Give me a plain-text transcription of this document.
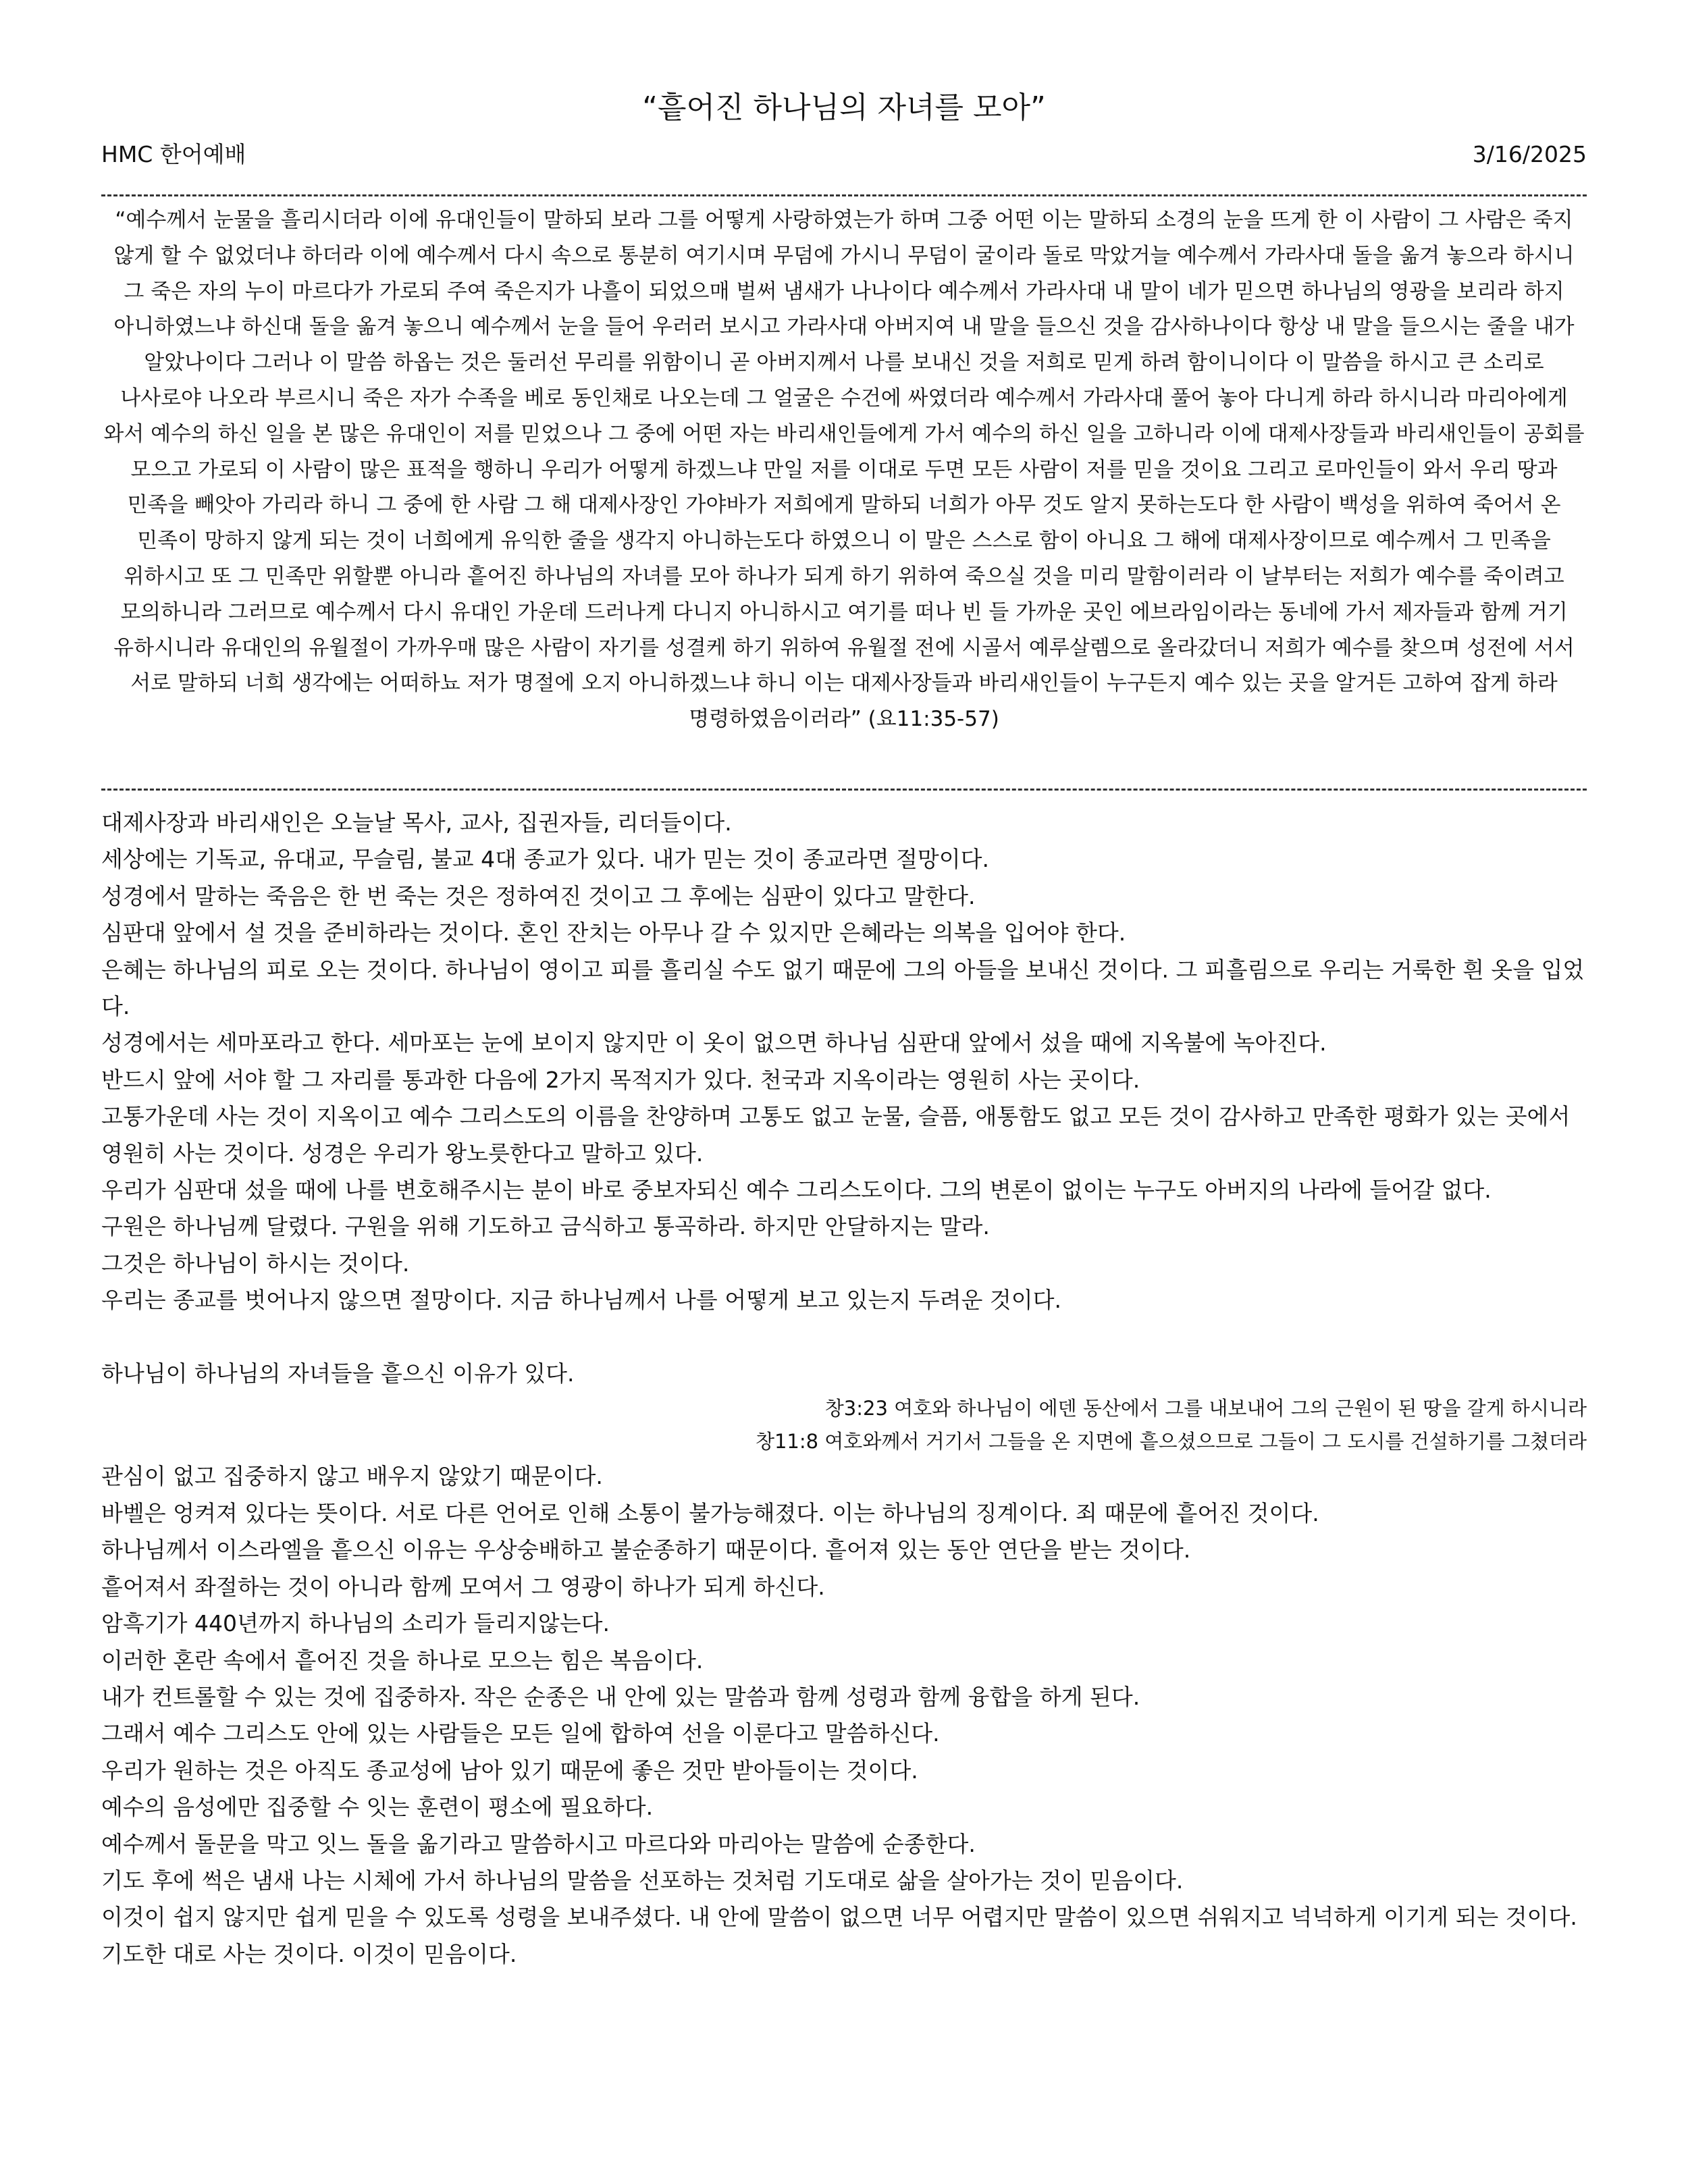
“흩어진 하나님의 자녀를 모아”
HMC 한어예배	3/16/2025
“예수께서 눈물을 흘리시더라 이에 유대인들이 말하되 보라 그를 어떻게 사랑하였는가 하며 그중 어떤 이는 말하되 소경의 눈을 뜨게 한 이 사람이 그 사람은 죽지 않게 할 수 없었더냐 하더라 이에 예수께서 다시 속으로 통분히 여기시며 무덤에 가시니 무덤이 굴이라 돌로 막았거늘 예수께서 가라사대 돌을 옮겨 놓으라 하시니 그 죽은 자의 누이 마르다가 가로되 주여 죽은지가 나흘이 되었으매 벌써 냄새가 나나이다 예수께서 가라사대 내 말이 네가 믿으면 하나님의 영광을 보리라 하지 아니하였느냐 하신대 돌을 옮겨 놓으니 예수께서 눈을 들어 우러러 보시고 가라사대 아버지여 내 말을 들으신 것을 감사하나이다 항상 내 말을 들으시는 줄을 내가 알았나이다 그러나 이 말씀 하옵는 것은 둘러선 무리를 위함이니 곧 아버지께서 나를 보내신 것을 저희로 믿게 하려 함이니이다 이 말씀을 하시고 큰 소리로 나사로야 나오라 부르시니 죽은 자가 수족을 베로 동인채로 나오는데 그 얼굴은 수건에 싸였더라 예수께서 가라사대 풀어 놓아 다니게 하라 하시니라 마리아에게 와서 예수의 하신 일을 본 많은 유대인이 저를 믿었으나 그 중에 어떤 자는 바리새인들에게 가서 예수의 하신 일을 고하니라 이에 대제사장들과 바리새인들이 공회를 모으고 가로되 이 사람이 많은 표적을 행하니 우리가 어떻게 하겠느냐 만일 저를 이대로 두면 모든 사람이 저를 믿을 것이요 그리고 로마인들이 와서 우리 땅과 민족을 빼앗아 가리라 하니 그 중에 한 사람 그 해 대제사장인 가야바가 저희에게 말하되 너희가 아무 것도 알지 못하는도다 한 사람이 백성을 위하여 죽어서 온 민족이 망하지 않게 되는 것이 너희에게 유익한 줄을 생각지 아니하는도다 하였으니 이 말은 스스로 함이 아니요 그 해에 대제사장이므로 예수께서 그 민족을 위하시고 또 그 민족만 위할뿐 아니라 흩어진 하나님의 자녀를 모아 하나가 되게 하기 위하여 죽으실 것을 미리 말함이러라 이 날부터는 저희가 예수를 죽이려고 모의하니라 그러므로 예수께서 다시 유대인 가운데 드러나게 다니지 아니하시고 여기를 떠나 빈 들 가까운 곳인 에브라임이라는 동네에 가서 제자들과 함께 거기 유하시니라 유대인의 유월절이 가까우매 많은 사람이 자기를 성결케 하기 위하여 유월절 전에 시골서 예루살렘으로 올라갔더니 저희가 예수를 찾으며 성전에 서서 서로 말하되 너희 생각에는 어떠하뇨 저가 명절에 오지 아니하겠느냐 하니 이는 대제사장들과 바리새인들이 누구든지 예수 있는 곳을 알거든 고하여 잡게 하라 명령하였음이러라” (요11:35-57)

대제사장과 바리새인은 오늘날 목사, 교사, 집권자들, 리더들이다.

세상에는 기독교, 유대교, 무슬림, 불교 4대 종교가 있다. 내가 믿는 것이 종교라면 절망이다.

성경에서 말하는 죽음은 한 번 죽는 것은 정하여진 것이고 그 후에는 심판이 있다고 말한다.

심판대 앞에서 설 것을 준비하라는 것이다. 혼인 잔치는 아무나 갈 수 있지만 은혜라는 의복을 입어야 한다.

은혜는 하나님의 피로 오는 것이다. 하나님이 영이고 피를 흘리실 수도 없기 때문에 그의 아들을 보내신 것이다. 그 피흘림으로 우리는 거룩한 흰 옷을 입었다.

성경에서는 세마포라고 한다. 세마포는 눈에 보이지 않지만 이 옷이 없으면 하나님 심판대 앞에서 섰을 때에 지옥불에 녹아진다.

반드시 앞에 서야 할 그 자리를 통과한 다음에 2가지 목적지가 있다. 천국과 지옥이라는 영원히 사는 곳이다.

고통가운데 사는 것이 지옥이고 예수 그리스도의 이름을 찬양하며 고통도 없고 눈물, 슬픔, 애통함도 없고 모든 것이 감사하고 만족한 평화가 있는 곳에서 영원히 사는 것이다. 성경은 우리가 왕노릇한다고 말하고 있다.

우리가 심판대 섰을 때에 나를 변호해주시는 분이 바로 중보자되신 예수 그리스도이다. 그의 변론이 없이는 누구도 아버지의 나라에 들어갈 없다.

구원은 하나님께 달렸다. 구원을 위해 기도하고 금식하고 통곡하라. 하지만 안달하지는 말라.

그것은 하나님이 하시는 것이다.

우리는 종교를 벗어나지 않으면 절망이다. 지금 하나님께서 나를 어떻게 보고 있는지 두려운 것이다.

하나님이 하나님의 자녀들을 흩으신 이유가 있다.

창3:23 여호와 하나님이 에덴 동산에서 그를 내보내어 그의 근원이 된 땅을 갈게 하시니라

창11:8 여호와께서 거기서 그들을 온 지면에 흩으셨으므로 그들이 그 도시를 건설하기를 그쳤더라

관심이 없고 집중하지 않고 배우지 않았기 때문이다.

바벨은 엉켜져 있다는 뜻이다. 서로 다른 언어로 인해 소통이 불가능해졌다. 이는 하나님의 징계이다. 죄 때문에 흩어진 것이다.

하나님께서 이스라엘을 흩으신 이유는 우상숭배하고 불순종하기 때문이다. 흩어져 있는 동안 연단을 받는 것이다.

흩어져서 좌절하는 것이 아니라 함께 모여서 그 영광이 하나가 되게 하신다.

암흑기가 440년까지 하나님의 소리가 들리지않는다.

이러한 혼란 속에서 흩어진 것을 하나로 모으는 힘은 복음이다.

내가 컨트롤할 수 있는 것에 집중하자. 작은 순종은 내 안에 있는 말씀과 함께 성령과 함께 융합을 하게 된다.

그래서 예수 그리스도 안에 있는 사람들은 모든 일에 합하여 선을 이룬다고 말씀하신다.

우리가 원하는 것은 아직도 종교성에 남아 있기 때문에 좋은 것만 받아들이는 것이다.

예수의 음성에만 집중할 수 잇는 훈련이 평소에 필요하다.

예수께서 돌문을 막고 잇느 돌을 옮기라고 말씀하시고 마르다와 마리아는 말씀에 순종한다.

기도 후에 썩은 냄새 나는 시체에 가서 하나님의 말씀을 선포하는 것처럼 기도대로 삶을 살아가는 것이 믿음이다.

이것이 쉽지 않지만 쉽게 믿을 수 있도록 성령을 보내주셨다. 내 안에 말씀이 없으면 너무 어렵지만 말씀이 있으면 쉬워지고 넉넉하게 이기게 되는 것이다.

기도한 대로 사는 것이다. 이것이 믿음이다.
